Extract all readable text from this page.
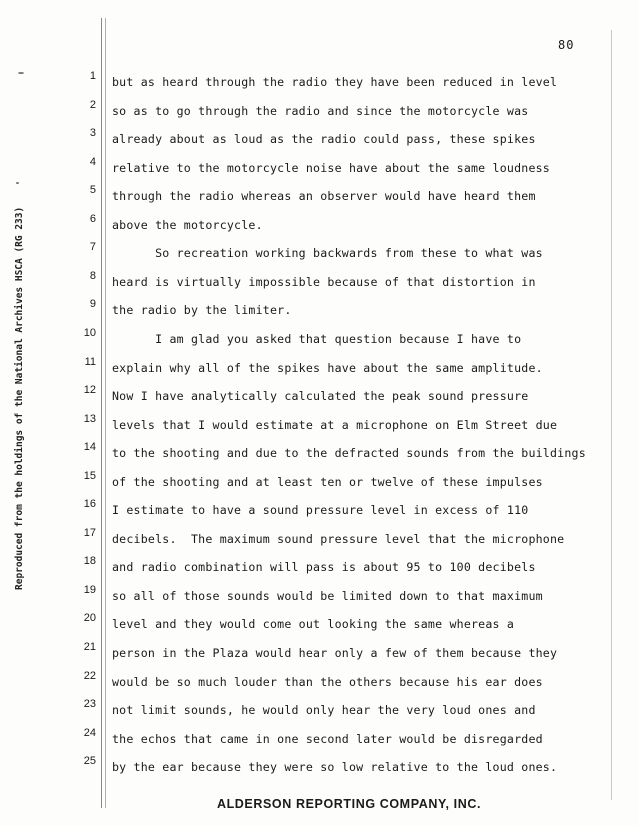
Reproduced from the holdings of the National Archives HSCA (RG 233)
80
1
2
3
4
5
6
7
8
9
10
11
12
13
14
15
16
17
18
19
20
21
22
23
24
25
but as heard through the radio they have been reduced in level
so as to go through the radio and since the motorcycle was
already about as loud as the radio could pass, these spikes
relative to the motorcycle noise have about the same loudness
through the radio whereas an observer would have heard them
above the motorcycle.
So recreation working backwards from these to what was
heard is virtually impossible because of that distortion in
the radio by the limiter.
I am glad you asked that question because I have to
explain why all of the spikes have about the same amplitude.
Now I have analytically calculated the peak sound pressure
levels that I would estimate at a microphone on Elm Street due
to the shooting and due to the defracted sounds from the buildings
of the shooting and at least ten or twelve of these impulses
I estimate to have a sound pressure level in excess of 110
decibels.  The maximum sound pressure level that the microphone
and radio combination will pass is about 95 to 100 decibels
so all of those sounds would be limited down to that maximum
level and they would come out looking the same whereas a
person in the Plaza would hear only a few of them because they
would be so much louder than the others because his ear does
not limit sounds, he would only hear the very loud ones and
the echos that came in one second later would be disregarded
by the ear because they were so low relative to the loud ones.
ALDERSON REPORTING COMPANY, INC.
